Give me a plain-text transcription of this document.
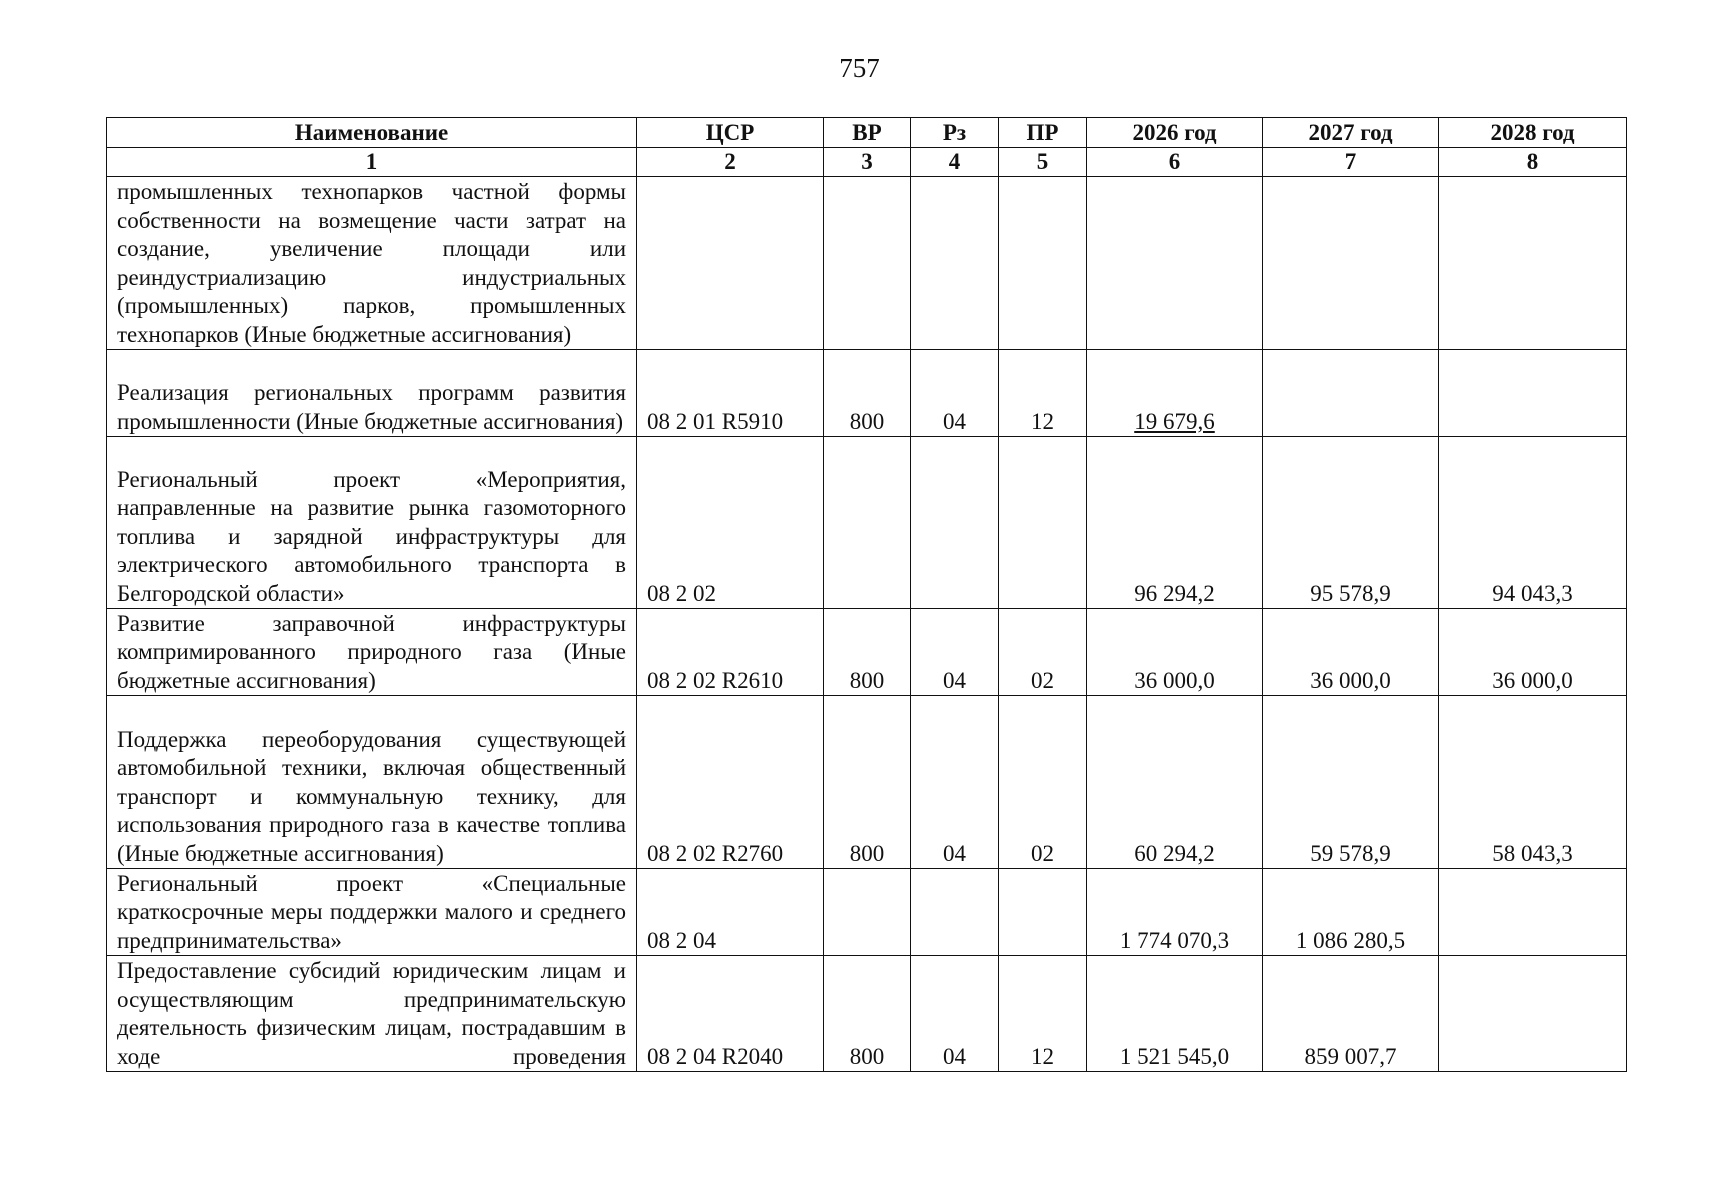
757
Наименование	ЦСР	ВР	Рз	ПР	2026 год	2027 год	2028 год
1	2	3	4	5	6	7	8
промышленных технопарков частной формы собственности на возмещение части затрат на создание, увеличение площади или реиндустриализацию индустриальных (промышленных) парков, промышленных технопарков (Иные бюджетные ассигнования)							
Реализация региональных программ развития промышленности (Иные бюджетные ассигнования)	08 2 01 R5910	800	04	12	19 679,6		
Региональный проект «Мероприятия, направленные на развитие рынка газомоторного топлива и зарядной инфраструктуры для электрического автомобильного транспорта в Белгородской области»	08 2 02				96 294,2	95 578,9	94 043,3
Развитие заправочной инфраструктуры компримированного природного газа (Иные бюджетные ассигнования)	08 2 02 R2610	800	04	02	36 000,0	36 000,0	36 000,0
Поддержка переоборудования существующей автомобильной техники, включая общественный транспорт и коммунальную технику, для использования природного газа в качестве топлива (Иные бюджетные ассигнования)	08 2 02 R2760	800	04	02	60 294,2	59 578,9	58 043,3
Региональный проект «Специальные краткосрочные меры поддержки малого и среднего предпринимательства»	08 2 04				1 774 070,3	1 086 280,5	
Предоставление субсидий юридическим лицам и осуществляющим предпринимательскую деятельность физическим лицам, пострадавшим в ходе проведения	08 2 04 R2040	800	04	12	1 521 545,0	859 007,7	
